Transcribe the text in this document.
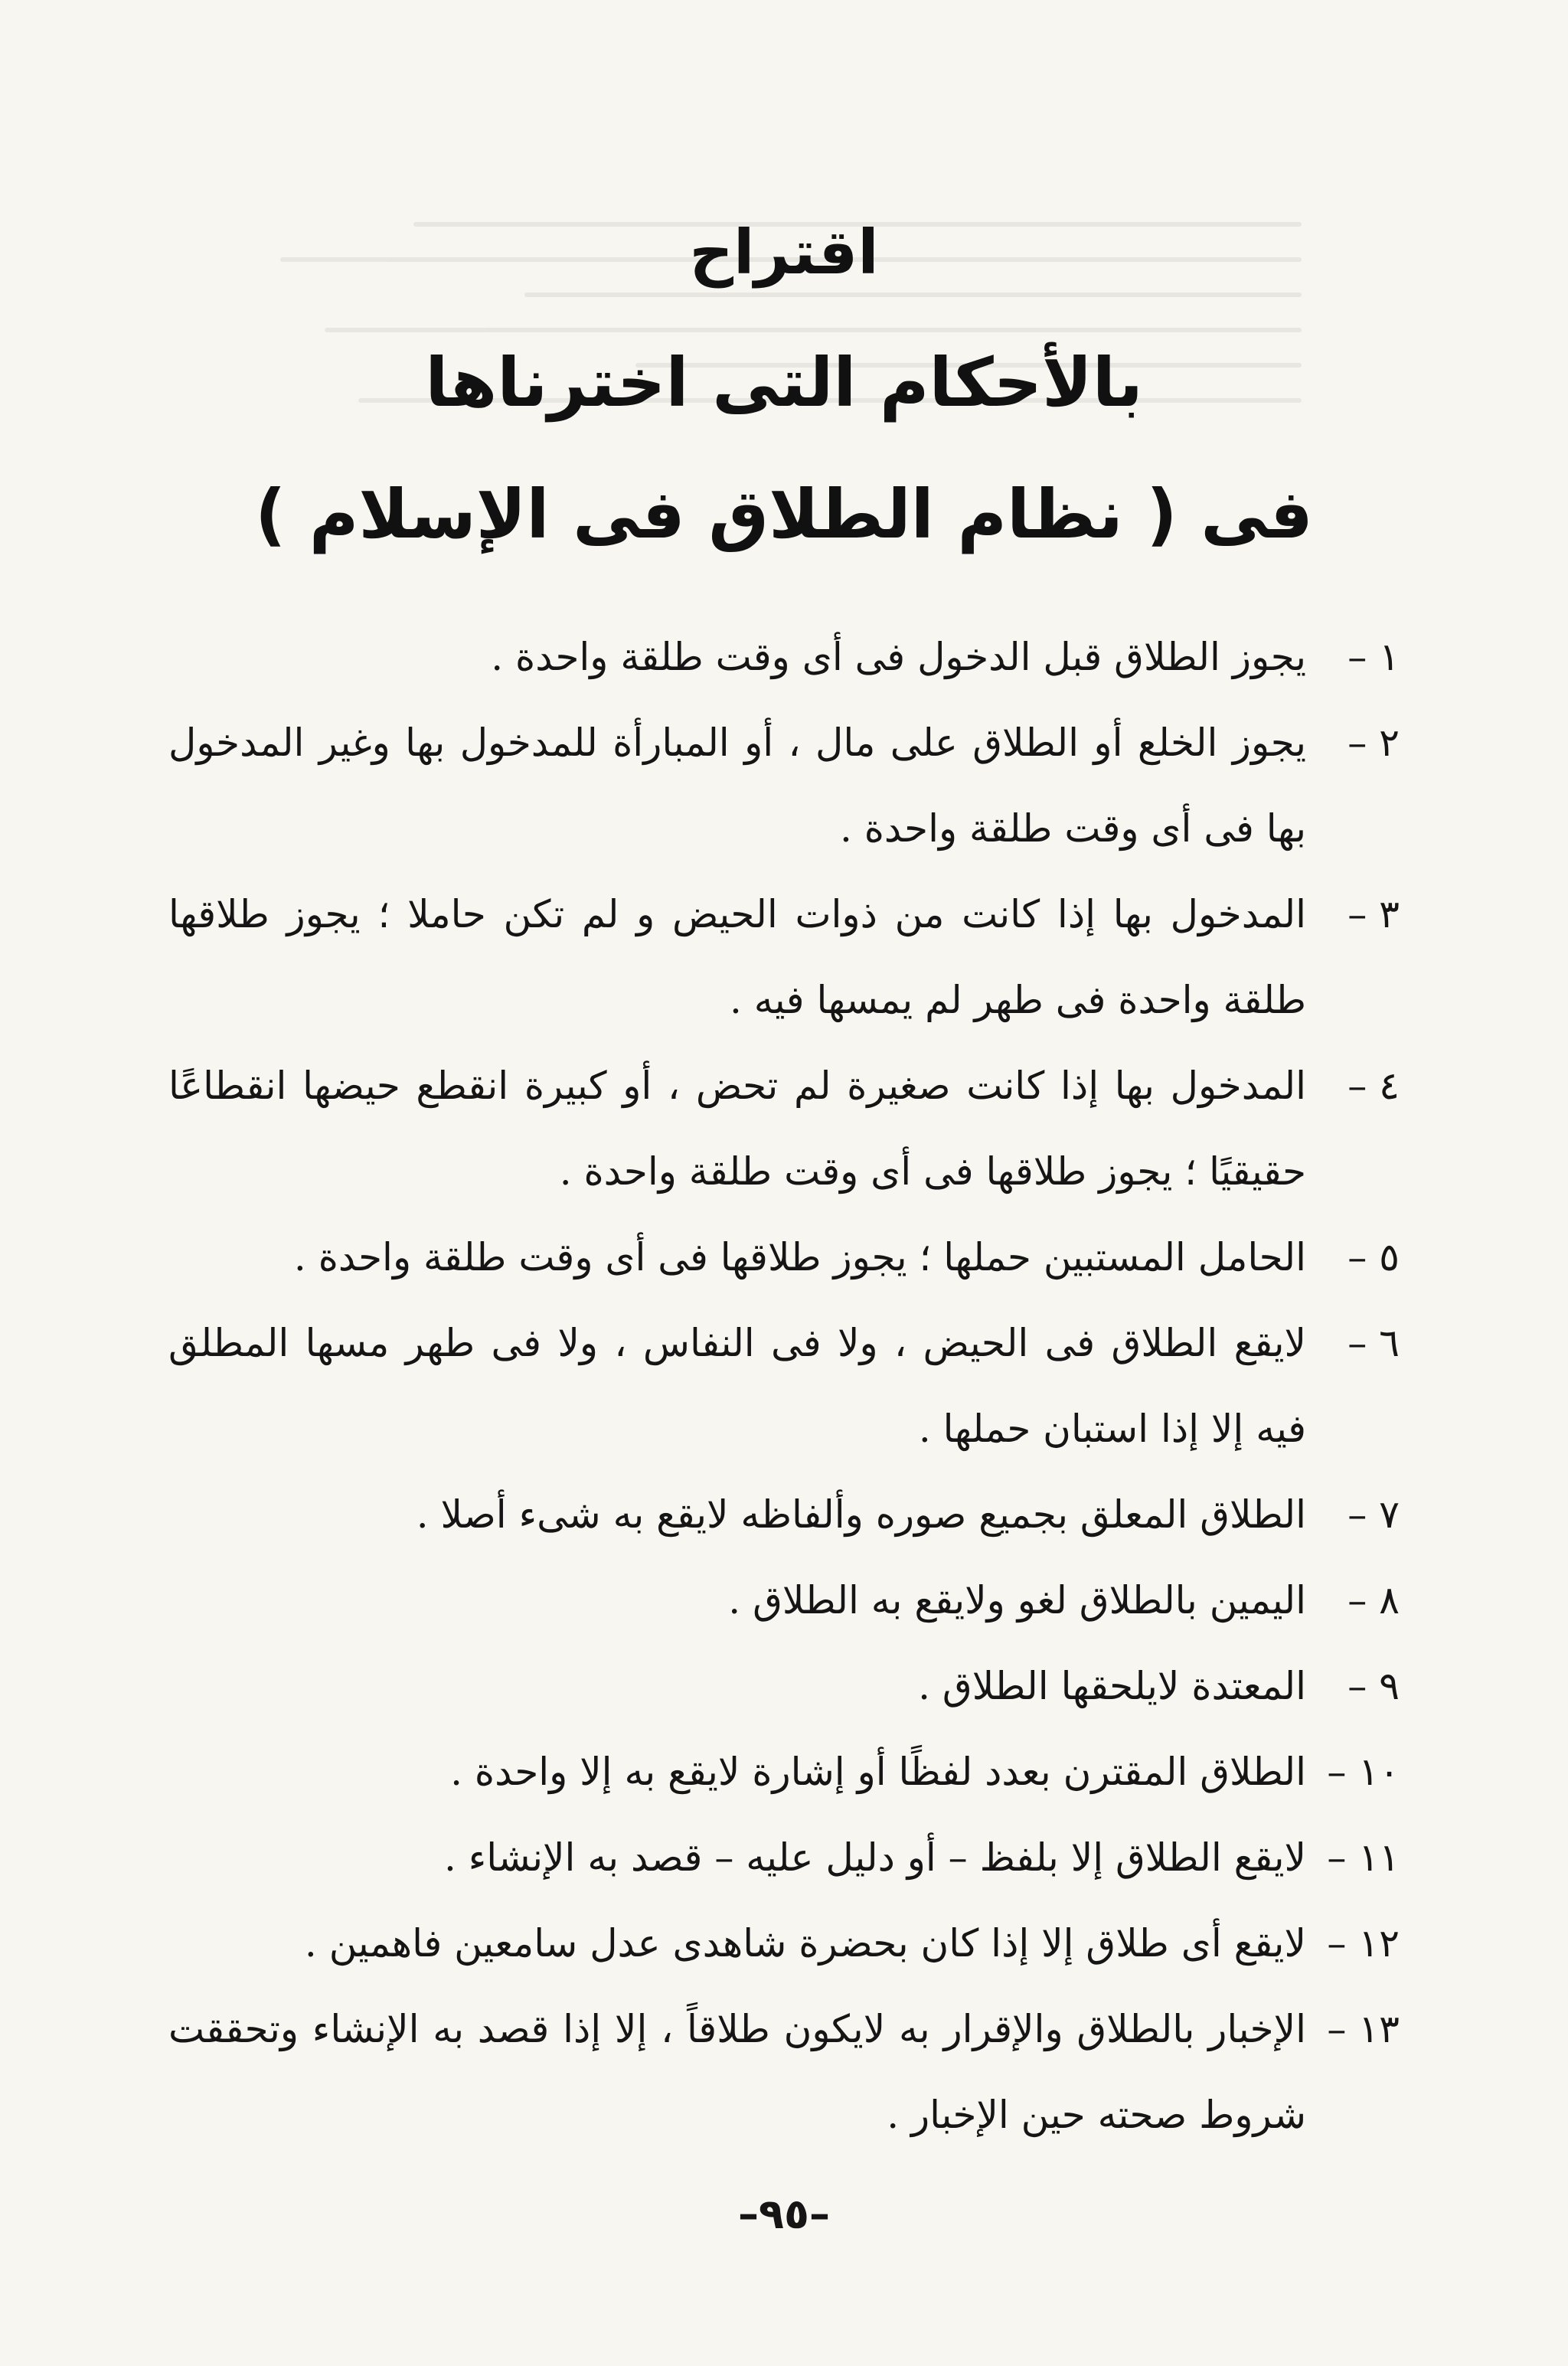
اقتراح
بالأحكام التى اخترناها
فى ( نظام الطلاق فى الإسلام )
١ –
يجوز الطلاق قبل الدخول فى أى وقت طلقة واحدة .
٢ –
يجوز الخلع أو الطلاق على مال ، أو المبارأة للمدخول بها وغير المدخول بها فى أى وقت طلقة واحدة .
٣ –
المدخول بها إذا كانت من ذوات الحيض و لم تكن حاملا ؛ يجوز طلاقها طلقة واحدة فى طهر لم يمسها فيه .
٤ –
المدخول بها إذا كانت صغيرة لم تحض ، أو كبيرة انقطع حيضها انقطاعًا حقيقيًا ؛ يجوز طلاقها فى أى وقت طلقة واحدة .
٥ –
الحامل المستبين حملها ؛ يجوز طلاقها فى أى وقت طلقة واحدة .
٦ –
لايقع الطلاق فى الحيض ، ولا فى النفاس ، ولا فى طهر مسها المطلق فيه إلا إذا استبان حملها .
٧ –
الطلاق المعلق بجميع صوره وألفاظه لايقع به شىء أصلا .
٨ –
اليمين بالطلاق لغو ولايقع به الطلاق .
٩ –
المعتدة لايلحقها الطلاق .
١٠ –
الطلاق المقترن بعدد لفظًا أو إشارة لايقع به إلا واحدة .
١١ –
لايقع الطلاق إلا بلفظ – أو دليل عليه – قصد به الإنشاء .
١٢ –
لايقع أى طلاق إلا إذا كان بحضرة شاهدى عدل سامعين فاهمين .
١٣ –
الإخبار بالطلاق والإقرار به لايكون طلاقاً ، إلا إذا قصد به الإنشاء وتحققت شروط صحته حين الإخبار .
–٩٥–
